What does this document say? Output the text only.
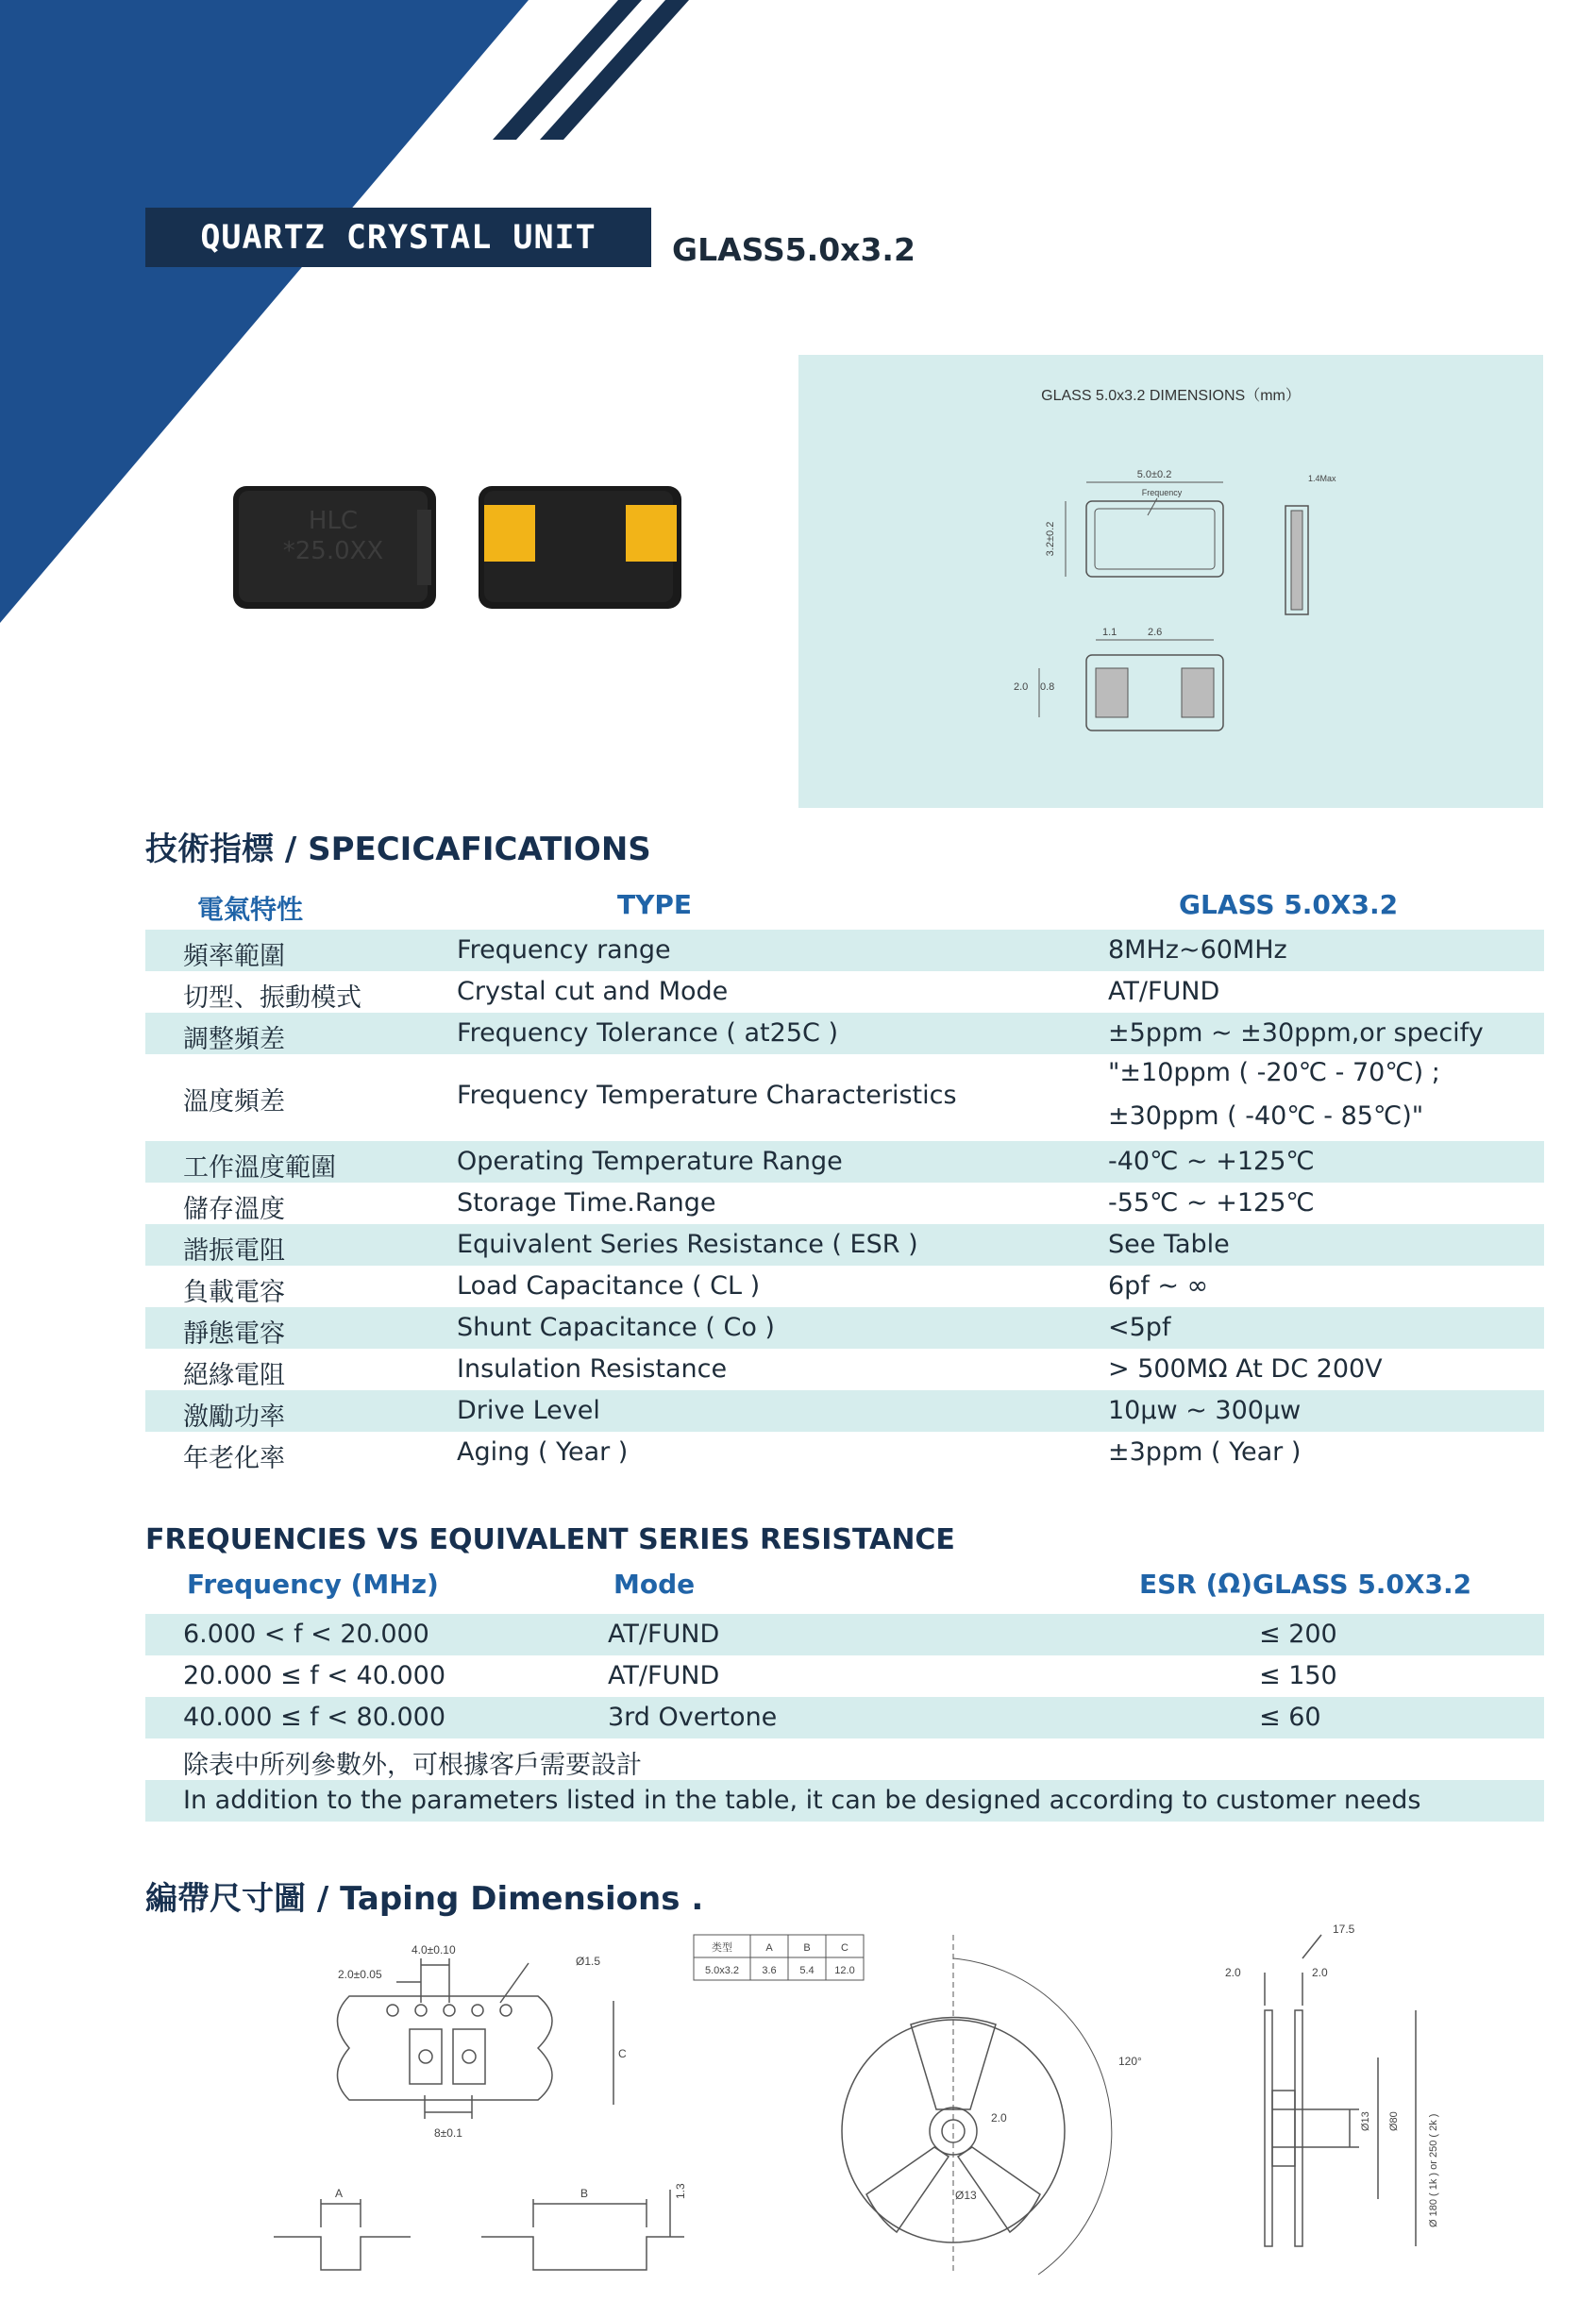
QUARTZ CRYSTAL UNIT GLASS5.0x3.2
HLC
*25.0XX
GLASS 5.0x3.2 DIMENSIONS（mm）
5.0±0.2
Frequency
3.2±0.2
1.4Max
1.1	2.6
2.0 0.8
技術指標 / SPECICAFICATIONS
電氣特性	TYPE	GLASS 5.0X3.2
頻率範圍	Frequency range	8MHz~60MHz
切型、振動模式	Crystal cut and Mode	AT/FUND
調整頻差	Frequency Tolerance ( at25C )	±5ppm ~ ±30ppm,or specify
溫度頻差	Frequency Temperature Characteristics
"±10ppm ( -20℃ - 70℃) ;
±30ppm ( -40℃ - 85℃)"
工作溫度範圍	Operating Temperature Range	-40℃ ~ +125℃
儲存溫度	Storage Time.Range	-55℃ ~ +125℃
諧振電阻	Equivalent Series Resistance ( ESR )	See Table
負載電容	Load Capacitance ( CL )	6pf ~ ∞
靜態電容	Shunt Capacitance ( Co )	<5pf
絕緣電阻	Insulation Resistance	> 500MΩ At DC 200V
激勵功率	Drive Level	10μw ~ 300μw
年老化率	Aging ( Year )	±3ppm ( Year )
FREQUENCIES VS EQUIVALENT SERIES RESISTANCE
Frequency (MHz)	Mode	ESR (Ω)GLASS 5.0X3.2
6.000 < f < 20.000	AT/FUND	≤ 200
20.000 ≤ f < 40.000	AT/FUND	≤ 150
40.000 ≤ f < 80.000	3rd Overtone	≤ 60
除表中所列參數外，可根據客戶需要設計
In addition to the parameters listed in the table, it can be designed according to customer needs
編帶尺寸圖 / Taping Dimensions .
4.0±0.10
2.0±0.05
Ø1.5
8±0.1
C
A	B	1.3
类型	A	B	C
5.0x3.2 3.6 5.4 12.0
120°
2.0
Ø13
17.5
2.0	2.0
Ø13 Ø80	Ø 180 ( 1k ) or 250 ( 2k )
